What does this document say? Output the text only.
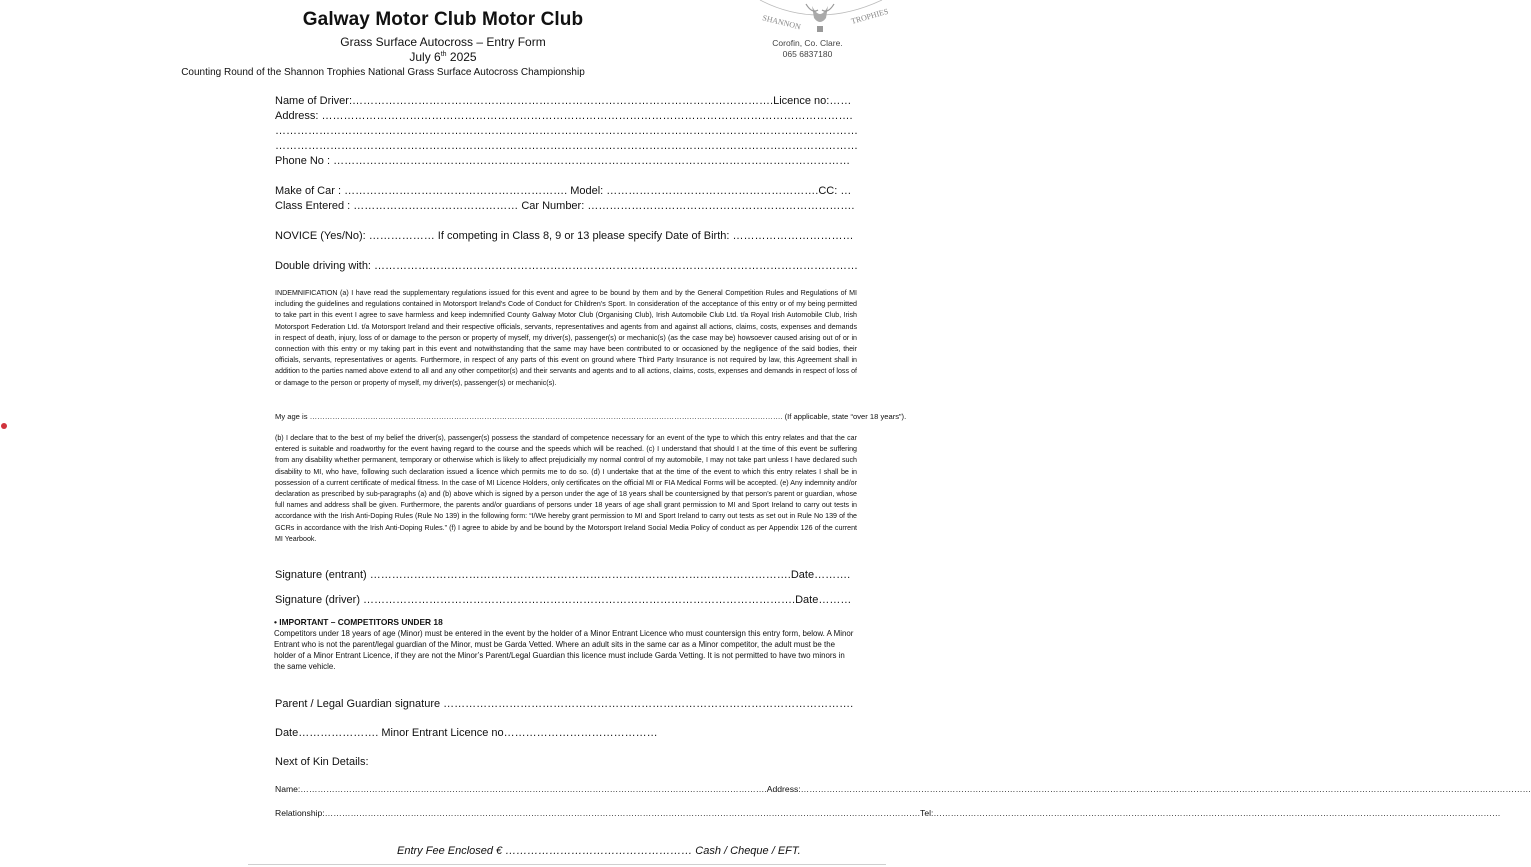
Galway Motor Club Motor Club
Grass Surface Autocross – Entry Form
July 6th 2025
Counting Round of the Shannon Trophies National Grass Surface Autocross Championship
SHANNON	TROPHIES
Corofin, Co. Clare.
065 6837180
Name of Driver:…………………………………………………………………………………………………….Licence no:……
Address: ……………………………………………………………………………………………………………………………….
……………………………………………………………………………………………………………………………………………
……………………………………………………………………………………………………………………………………………
Phone No : ……………………………………………………………………………………………………………………………
Make of Car : ……………………………………………………. Model: ………………………………………………….CC: …
Class Entered : ……………………………………… Car Number: ……………………………………………………………….
NOVICE (Yes/No): ……………… If competing in Class 8, 9 or 13 please specify Date of Birth: ……………………………
Double driving with: ……………………………………………………………………………………………………………………
INDEMNIFICATION (a) I have read the supplementary regulations issued for this event and agree to be bound by them and by the General Competition Rules and Regulations of MI including the guidelines and regulations contained in Motorsport Ireland’s Code of Conduct for Children’s Sport. In consideration of the acceptance of this entry or of my being permitted to take part in this event I agree to save harmless and keep indemnified County Galway Motor Club (Organising Club), Irish Automobile Club Ltd. t/a Royal Irish Automobile Club, Irish Motorsport Federation Ltd. t/a Motorsport Ireland and their respective officials, servants, representatives and agents from and against all actions, claims, costs, expenses and demands in respect of death, injury, loss of or damage to the person or property of myself, my driver(s), passenger(s) or mechanic(s) (as the case may be) howsoever caused arising out of or in connection with this entry or my taking part in this event and notwithstanding that the same may have been contributed to or occasioned by the negligence of the said bodies, their officials, servants, representatives or agents. Furthermore, in respect of any parts of this event on ground where Third Party Insurance is not required by law, this Agreement shall in addition to the parties named above extend to all and any other competitor(s) and their servants and agents and to all actions, claims, costs, expenses and demands in respect of loss of or damage to the person or property of myself, my driver(s), passenger(s) or mechanic(s).
My age is ……………………………………………………………………………………………………………………………………………………………………. (If applicable, state “over 18 years”).
(b) I declare that to the best of my belief the driver(s), passenger(s) possess the standard of competence necessary for an event of the type to which this entry relates and that the car entered is suitable and roadworthy for the event having regard to the course and the speeds which will be reached. (c) I understand that should I at the time of this event be suffering from any disability whether permanent, temporary or otherwise which is likely to affect prejudicially my normal control of my automobile, I may not take part unless I have declared such disability to MI, who have, following such declaration issued a licence which permits me to do so. (d) I undertake that at the time of the event to which this entry relates I shall be in possession of a current certificate of medical fitness. In the case of MI Licence Holders, only certificates on the official MI or FIA Medical Forms will be accepted. (e) Any indemnity and/or declaration as prescribed by sub-paragraphs (a) and (b) above which is signed by a person under the age of 18 years shall be countersigned by that person’s parent or guardian, whose full names and address shall be given. Furthermore, the parents and/or guardians of persons under 18 years of age shall grant permission to MI and Sport Ireland to carry out tests in accordance with the Irish Anti-Doping Rules (Rule No 139) in the following form: “I/We hereby grant permission to MI and Sport Ireland to carry out tests as set out in Rule No 139 of the GCRs in accordance with the Irish Anti-Doping Rules.” (f) I agree to abide by and be bound by the Motorsport Ireland Social Media Policy of conduct as per Appendix 126 of the current MI Yearbook.
Signature (entrant) …………………………………………………………………………………………………….Date……….
Signature (driver) ……………………………………………………………………………………………………….Date………
• IMPORTANT – COMPETITORS UNDER 18
Competitors under 18 years of age (Minor) must be entered in the event by the holder of a Minor Entrant Licence who must countersign this entry form, below. A Minor Entrant who is not the parent/legal guardian of the Minor, must be Garda Vetted. Where an adult sits in the same car as a Minor competitor, the adult must be the holder of a Minor Entrant Licence, if they are not the Minor’s Parent/Legal Guardian this licence must include Garda Vetting. It is not permitted to have two minors in the same vehicle.
Parent / Legal Guardian signature ………………………………………………………………………………………………….
Date…………………. Minor Entrant Licence no……………………………………
Next of Kin Details:
Name:……………………………………………………………………………………………………………………………………………….Address:…………………………………………………………………………………………………………………………………………………………………………………………………………………………………
Relationship:……………………………………………………………………………………………………………………………………………………………………………………….Tel:………………………………………………………………………………………………………………………………………………………………………………
Entry Fee Enclosed € …………………………………………… Cash / Cheque / EFT.
